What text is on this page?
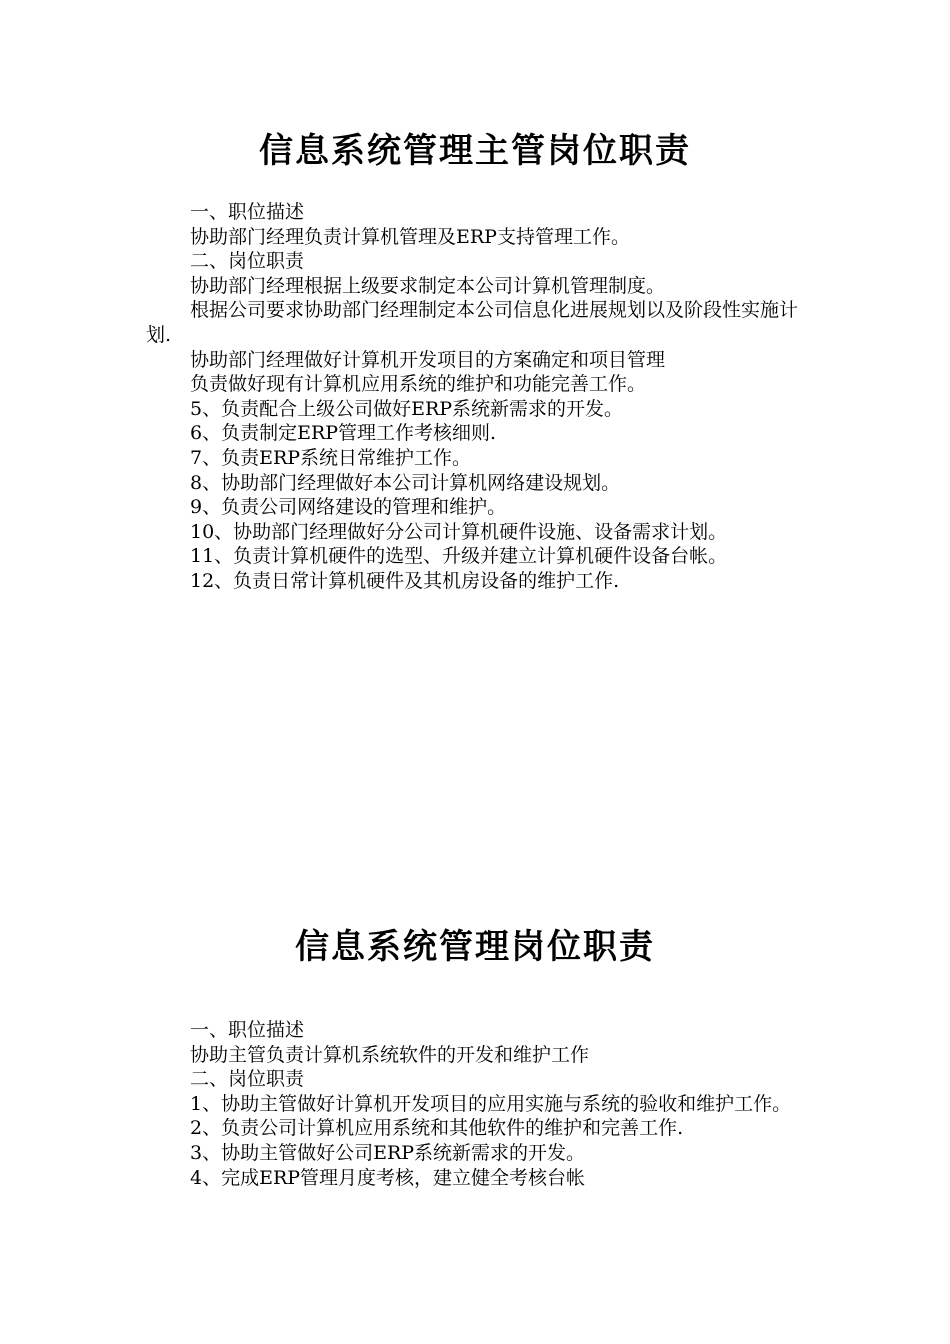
信息系统管理主管岗位职责

一、职位描述

协助部门经理负责计算机管理及ERP支持管理工作。

二、岗位职责

协助部门经理根据上级要求制定本公司计算机管理制度。

根据公司要求协助部门经理制定本公司信息化进展规划以及阶段性实施计划.

协助部门经理做好计算机开发项目的方案确定和项目管理

负责做好现有计算机应用系统的维护和功能完善工作。

5、负责配合上级公司做好ERP系统新需求的开发。

6、负责制定ERP管理工作考核细则.

7、负责ERP系统日常维护工作。

8、协助部门经理做好本公司计算机网络建设规划。

9、负责公司网络建设的管理和维护。

10、协助部门经理做好分公司计算机硬件设施、设备需求计划。

11、负责计算机硬件的选型、升级并建立计算机硬件设备台帐。

12、负责日常计算机硬件及其机房设备的维护工作.

信息系统管理岗位职责

一、职位描述

协助主管负责计算机系统软件的开发和维护工作

二、岗位职责

1、协助主管做好计算机开发项目的应用实施与系统的验收和维护工作。

2、负责公司计算机应用系统和其他软件的维护和完善工作.

3、协助主管做好公司ERP系统新需求的开发。

4、完成ERP管理月度考核，建立健全考核台帐
